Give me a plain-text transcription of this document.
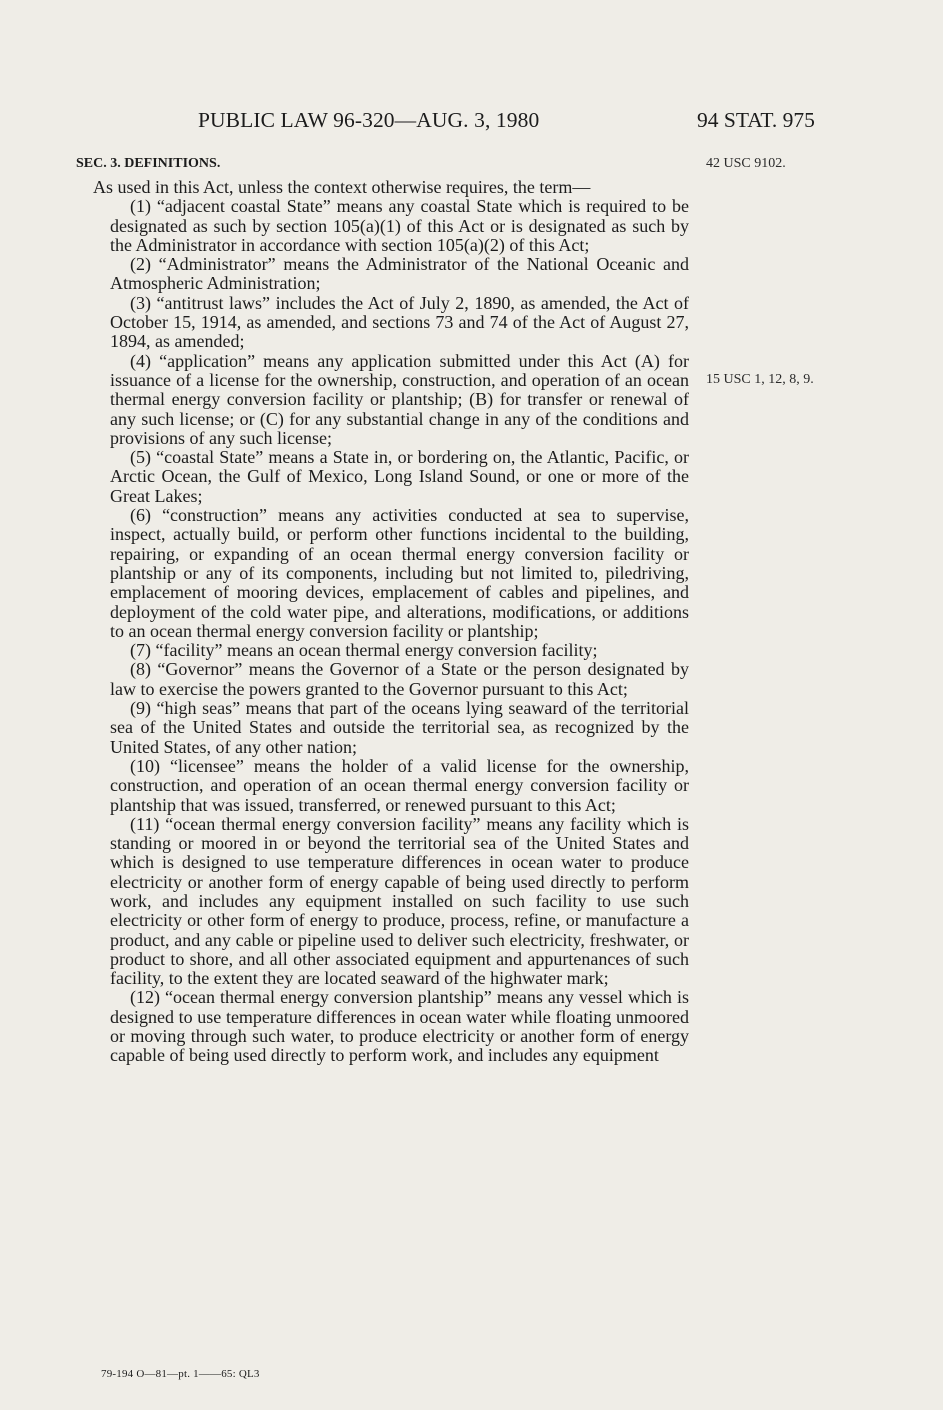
PUBLIC LAW 96-320—AUG. 3, 1980	94 STAT. 975
SEC. 3. DEFINITIONS.	42 USC 9102.
15 USC 1, 12, 8, 9.

As used in this Act, unless the context otherwise requires, the term—

(1) “adjacent coastal State” means any coastal State which is required to be designated as such by section 105(a)(1) of this Act or is designated as such by the Administrator in accordance with section 105(a)(2) of this Act;

(2) “Administrator” means the Administrator of the National Oceanic and Atmospheric Administration;

(3) “antitrust laws” includes the Act of July 2, 1890, as amended, the Act of October 15, 1914, as amended, and sections 73 and 74 of the Act of August 27, 1894, as amended;

(4) “application” means any application submitted under this Act (A) for issuance of a license for the ownership, construction, and operation of an ocean thermal energy conversion facility or plantship; (B) for transfer or renewal of any such license; or (C) for any substantial change in any of the conditions and provisions of any such license;

(5) “coastal State” means a State in, or bordering on, the Atlantic, Pacific, or Arctic Ocean, the Gulf of Mexico, Long Island Sound, or one or more of the Great Lakes;

(6) “construction” means any activities conducted at sea to supervise, inspect, actually build, or perform other functions incidental to the building, repairing, or expanding of an ocean thermal energy conversion facility or plantship or any of its components, including but not limited to, piledriving, emplacement of mooring devices, emplacement of cables and pipelines, and deployment of the cold water pipe, and alterations, modifications, or additions to an ocean thermal energy conversion facility or plantship;

(7) “facility” means an ocean thermal energy conversion facility;

(8) “Governor” means the Governor of a State or the person designated by law to exercise the powers granted to the Governor pursuant to this Act;

(9) “high seas” means that part of the oceans lying seaward of the territorial sea of the United States and outside the territorial sea, as recognized by the United States, of any other nation;

(10) “licensee” means the holder of a valid license for the ownership, construction, and operation of an ocean thermal energy conversion facility or plantship that was issued, transferred, or renewed pursuant to this Act;

(11) “ocean thermal energy conversion facility” means any facility which is standing or moored in or beyond the territorial sea of the United States and which is designed to use temperature differences in ocean water to produce electricity or another form of energy capable of being used directly to perform work, and includes any equipment installed on such facility to use such electricity or other form of energy to produce, process, refine, or manufacture a product, and any cable or pipeline used to deliver such electricity, freshwater, or product to shore, and all other associated equipment and appurtenances of such facility, to the extent they are located seaward of the highwater mark;

(12) “ocean thermal energy conversion plantship” means any vessel which is designed to use temperature differences in ocean water while floating unmoored or moving through such water, to produce electricity or another form of energy capable of being used directly to perform work, and includes any equipment

79-194 O—81—pt. 1——65: QL3
